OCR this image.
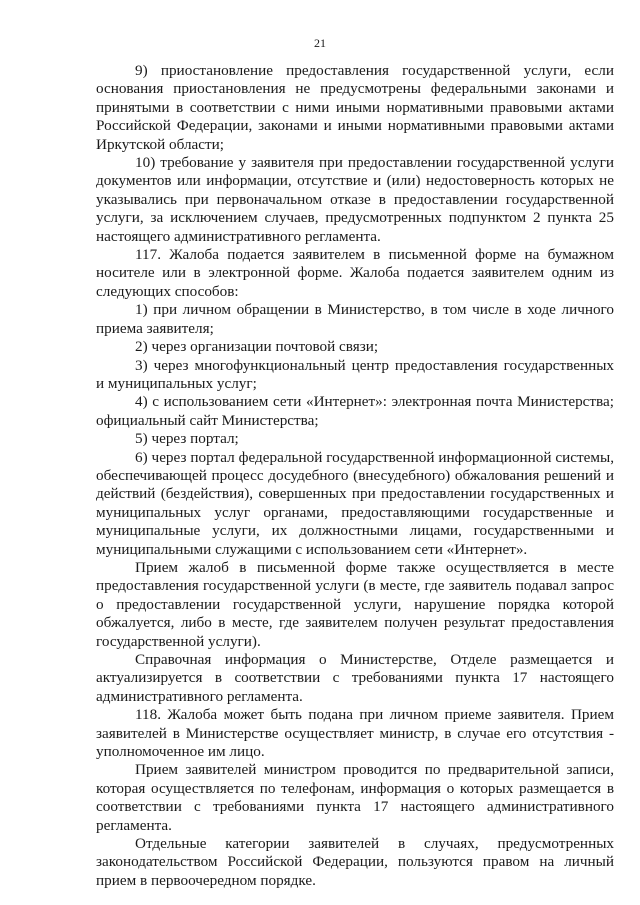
21

9) приостановление предоставления государственной услуги, если основания приостановления не предусмотрены федеральными законами и принятыми в соответствии с ними иными нормативными правовыми актами Российской Федерации, законами и иными нормативными правовыми актами Иркутской области;

10) требование у заявителя при предоставлении государственной услуги документов или информации, отсутствие и (или) недостоверность которых не указывались при первоначальном отказе в предоставлении государственной услуги, за исключением случаев, предусмотренных подпунктом 2 пункта 25 настоящего административного регламента.

117. Жалоба подается заявителем в письменной форме на бумажном носителе или в электронной форме. Жалоба подается заявителем одним из следующих способов:

1) при личном обращении в Министерство, в том числе в ходе личного приема заявителя;

2) через организации почтовой связи;

3) через многофункциональный центр предоставления государственных и муниципальных услуг;

4) с использованием сети «Интернет»: электронная почта Министерства; официальный сайт Министерства;

5) через портал;

6) через портал федеральной государственной информационной системы, обеспечивающей процесс досудебного (внесудебного) обжалования решений и действий (бездействия), совершенных при предоставлении государственных и муниципальных услуг органами, предоставляющими государственные и муниципальные услуги, их должностными лицами, государственными и муниципальными служащими с использованием сети «Интернет».

Прием жалоб в письменной форме также осуществляется в месте предоставления государственной услуги (в месте, где заявитель подавал запрос о предоставлении государственной услуги, нарушение порядка которой обжалуется, либо в месте, где заявителем получен результат предоставления государственной услуги).

Справочная информация о Министерстве, Отделе размещается и актуализируется в соответствии с требованиями пункта 17 настоящего административного регламента.

118. Жалоба может быть подана при личном приеме заявителя. Прием заявителей в Министерстве осуществляет министр, в случае его отсутствия - уполномоченное им лицо.

Прием заявителей министром проводится по предварительной записи, которая осуществляется по телефонам, информация о которых размещается в соответствии с требованиями пункта 17 настоящего административного регламента.

Отдельные категории заявителей в случаях, предусмотренных законодательством Российской Федерации, пользуются правом на личный прием в первоочередном порядке.
